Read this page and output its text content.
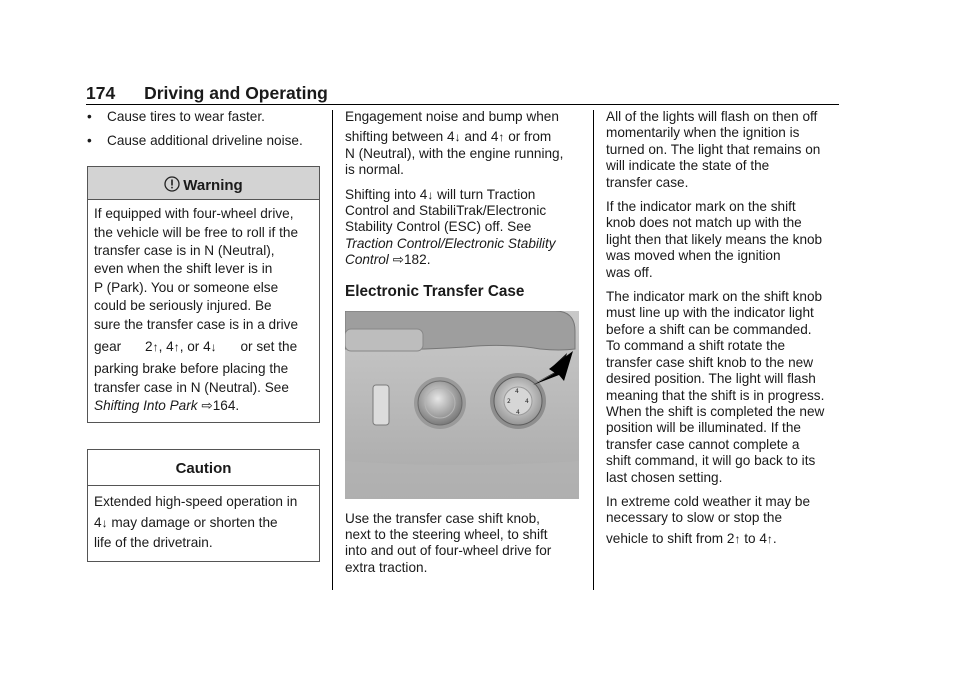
174 Driving and Operating
•	Cause tires to wear faster.
•	Cause additional driveline noise.
Warning

If equipped with four-wheel drive,

the vehicle will be free to roll if the

transfer case is in N (Neutral),

even when the shift lever is in

P (Park). You or someone else

could be seriously injured. Be

sure the transfer case is in a drive

gear 2↑, 4↑, or 4↓ or set the

parking brake before placing the

transfer case in N (Neutral). See

Shifting Into Park ⇨164.

Caution

Extended high-speed operation in

4↓ may damage or shorten the

life of the drivetrain.

Engagement noise and bump when
shifting between 4↓ and 4↑ or from
N (Neutral), with the engine running,
is normal.

Shifting into 4↓ will turn Traction
Control and StabiliTrak/Electronic
Stability Control (ESC) off. See
Traction Control/Electronic Stability
Control ⇨182.

Electronic Transfer Case
2
4
4
4

Use the transfer case shift knob,
next to the steering wheel, to shift
into and out of four-wheel drive for
extra traction.

All of the lights will flash on then off
momentarily when the ignition is
turned on. The light that remains on
will indicate the state of the
transfer case.

If the indicator mark on the shift
knob does not match up with the
light then that likely means the knob
was moved when the ignition
was off.

The indicator mark on the shift knob
must line up with the indicator light
before a shift can be commanded.
To command a shift rotate the
transfer case shift knob to the new
desired position. The light will flash
meaning that the shift is in progress.
When the shift is completed the new
position will be illuminated. If the
transfer case cannot complete a
shift command, it will go back to its
last chosen setting.

In extreme cold weather it may be
necessary to slow or stop the
vehicle to shift from 2↑ to 4↑.
